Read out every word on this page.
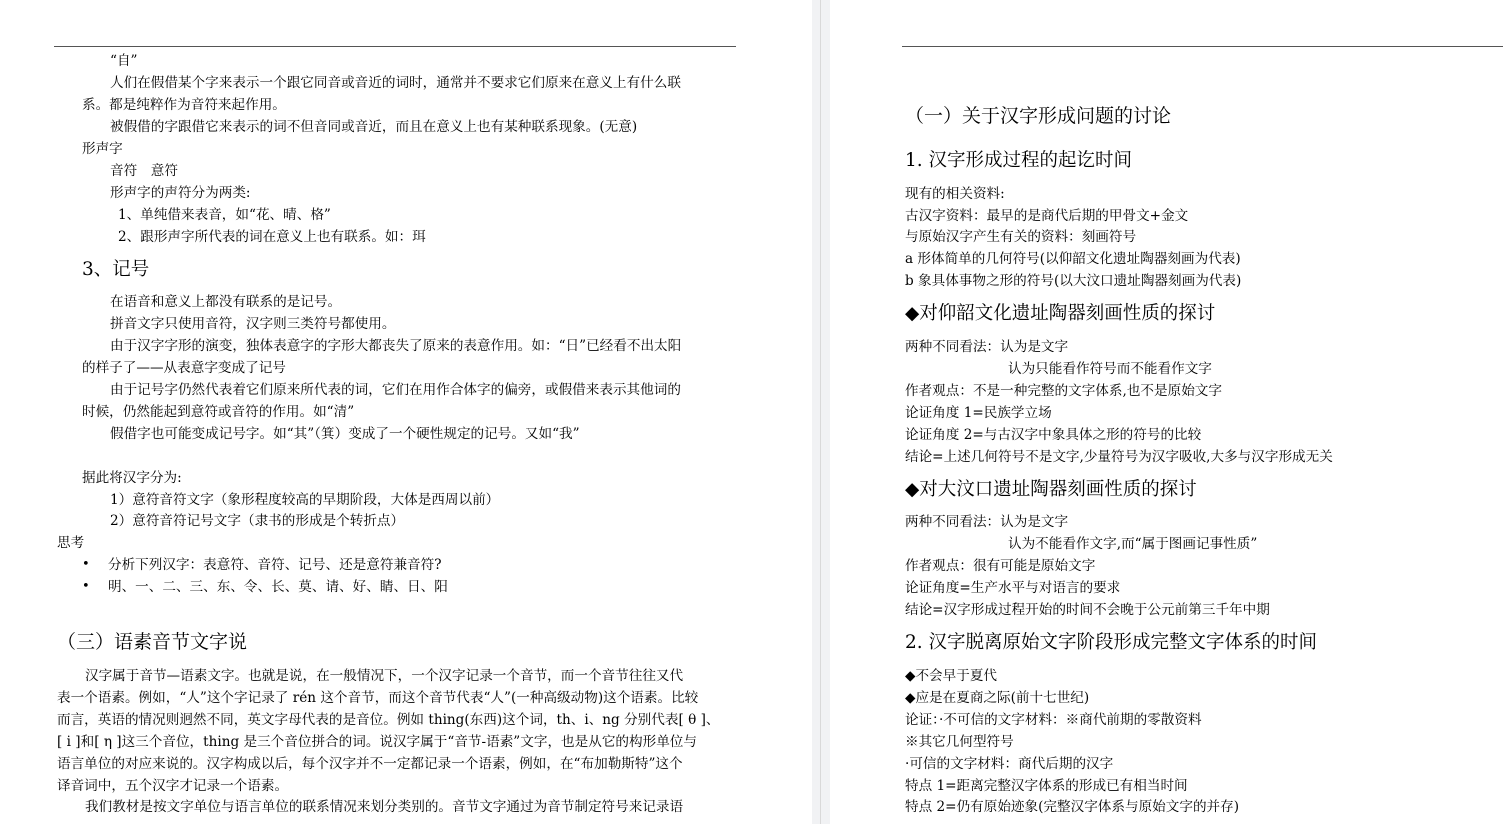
“自”
人们在假借某个字来表示一个跟它同音或音近的词时，通常并不要求它们原来在意义上有什么联
系。都是纯粹作为音符来起作用。
被假借的字跟借它来表示的词不但音同或音近，而且在意义上也有某种联系现象。(无意)
形声字
音符　意符
形声字的声符分为两类:
1、单纯借来表音，如“花、晴、格”
2、跟形声字所代表的词在意义上也有联系。如：珥
3、记号
在语音和意义上都没有联系的是记号。
拼音文字只使用音符，汉字则三类符号都使用。
由于汉字字形的演变，独体表意字的字形大都丧失了原来的表意作用。如：“日”已经看不出太阳
的样子了——从表意字变成了记号
由于记号字仍然代表着它们原来所代表的词，它们在用作合体字的偏旁，或假借来表示其他词的
时候，仍然能起到意符或音符的作用。如“清”
假借字也可能变成记号字。如“其”（箕）变成了一个硬性规定的记号。又如“我”
据此将汉字分为:
1）意符音符文字（象形程度较高的早期阶段，大体是西周以前）
2）意符音符记号文字（隶书的形成是个转折点）
思考
• 分析下列汉字：表意符、音符、记号、还是意符兼音符?
• 明、一、二、三、东、令、长、莫、请、好、睛、日、阳
（三）语素音节文字说
汉字属于音节—语素文字。也就是说，在一般情况下，一个汉字记录一个音节，而一个音节往往又代
表一个语素。例如，“人”这个字记录了 rén 这个音节，而这个音节代表“人”(一种高级动物)这个语素。比较
而言，英语的情况则迥然不同，英文字母代表的是音位。例如 thing(东西)这个词，th、i、ng 分别代表[ θ ]、
[ i ]和[ η ]这三个音位，thing 是三个音位拼合的词。说汉字属于“音节-语素”文字，也是从它的构形单位与
语言单位的对应来说的。汉字构成以后，每个汉字并不一定都记录一个语素，例如，在“布加勒斯特”这个
译音词中，五个汉字才记录一个语素。
我们教材是按文字单位与语言单位的联系情况来划分类别的。音节文字通过为音节制定符号来记录语
（一）关于汉字形成问题的讨论
1. 汉字形成过程的起讫时间
现有的相关资料:
古汉字资料：最早的是商代后期的甲骨文+金文
与原始汉字产生有关的资料：刻画符号
a 形体简单的几何符号(以仰韶文化遗址陶器刻画为代表)
b 象具体事物之形的符号(以大汶口遗址陶器刻画为代表)
◆对仰韶文化遗址陶器刻画性质的探讨
两种不同看法：认为是文字
认为只能看作符号而不能看作文字
作者观点：不是一种完整的文字体系,也不是原始文字
论证角度 1=民族学立场
论证角度 2=与古汉字中象具体之形的符号的比较
结论=上述几何符号不是文字,少量符号为汉字吸收,大多与汉字形成无关
◆对大汶口遗址陶器刻画性质的探讨
两种不同看法：认为是文字
认为不能看作文字,而“属于图画记事性质”
作者观点：很有可能是原始文字
论证角度=生产水平与对语言的要求
结论=汉字形成过程开始的时间不会晚于公元前第三千年中期
2. 汉字脱离原始文字阶段形成完整文字体系的时间
◆不会早于夏代
◆应是在夏商之际(前十七世纪)
论证：·不可信的文字材料：※商代前期的零散资料
※其它几何型符号
·可信的文字材料：商代后期的汉字
特点 1=距离完整汉字体系的形成已有相当时间
特点 2=仍有原始迹象(完整汉字体系与原始文字的并存)
